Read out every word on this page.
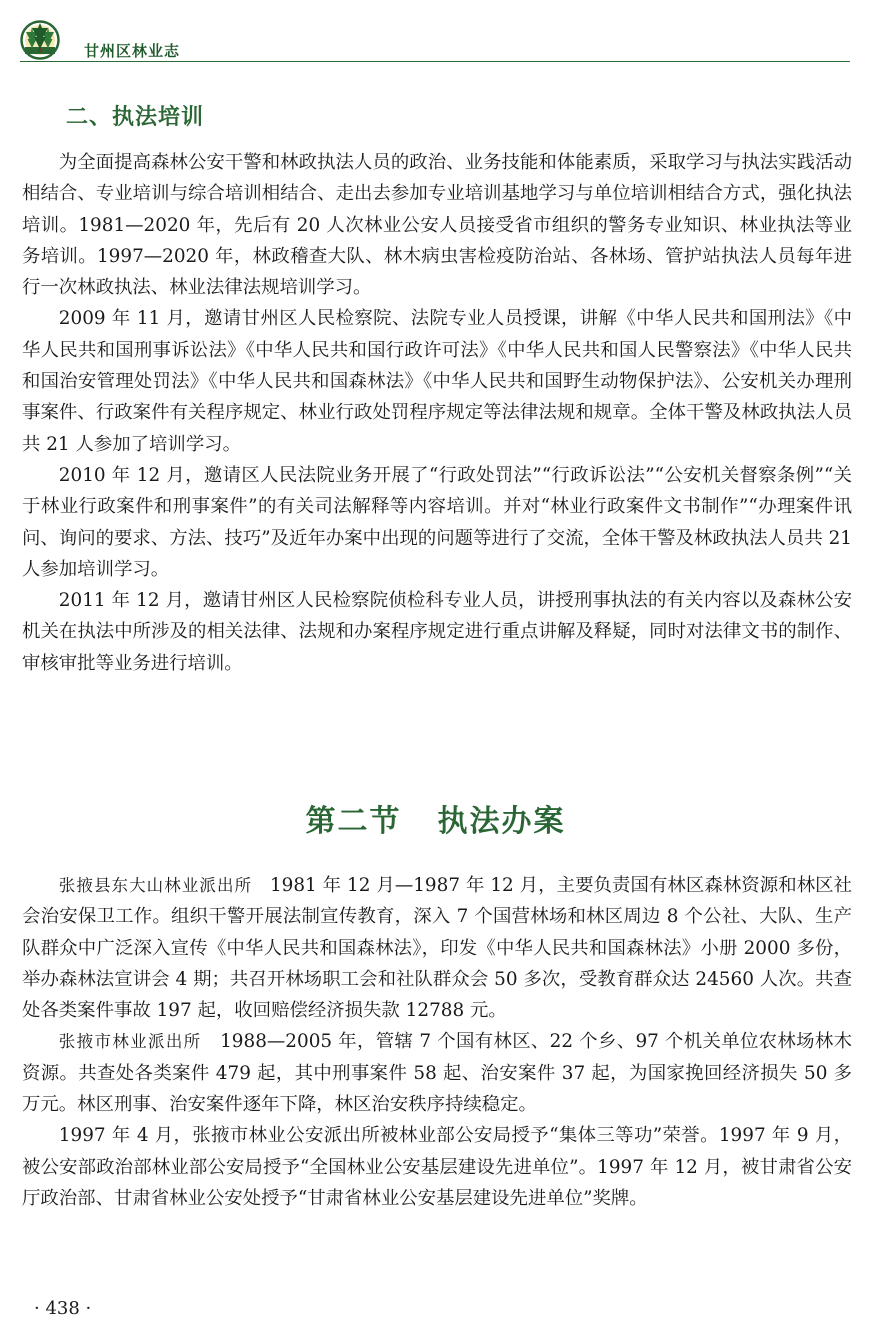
甘州区林业志
二、执法培训

为全面提高森林公安干警和林政执法人员的政治、业务技能和体能素质，采取学习与执法实践活动相结合、专业培训与综合培训相结合、走出去参加专业培训基地学习与单位培训相结合方式，强化执法培训。1981—2020 年，先后有 20 人次林业公安人员接受省市组织的警务专业知识、林业执法等业务培训。1997—2020 年，林政稽查大队、林木病虫害检疫防治站、各林场、管护站执法人员每年进行一次林政执法、林业法律法规培训学习。

2009 年 11 月，邀请甘州区人民检察院、法院专业人员授课，讲解《中华人民共和国刑法》《中华人民共和国刑事诉讼法》《中华人民共和国行政许可法》《中华人民共和国人民警察法》《中华人民共和国治安管理处罚法》《中华人民共和国森林法》《中华人民共和国野生动物保护法》、公安机关办理刑事案件、行政案件有关程序规定、林业行政处罚程序规定等法律法规和规章。全体干警及林政执法人员共 21 人参加了培训学习。

2010 年 12 月，邀请区人民法院业务开展了“行政处罚法”“行政诉讼法”“公安机关督察条例”“关于林业行政案件和刑事案件”的有关司法解释等内容培训。并对“林业行政案件文书制作”“办理案件讯问、询问的要求、方法、技巧”及近年办案中出现的问题等进行了交流，全体干警及林政执法人员共 21 人参加培训学习。

2011 年 12 月，邀请甘州区人民检察院侦检科专业人员，讲授刑事执法的有关内容以及森林公安机关在执法中所涉及的相关法律、法规和办案程序规定进行重点讲解及释疑，同时对法律文书的制作、审核审批等业务进行培训。

第二节 执法办案

张掖县东大山林业派出所 1981 年 12 月—1987 年 12 月，主要负责国有林区森林资源和林区社会治安保卫工作。组织干警开展法制宣传教育，深入 7 个国营林场和林区周边 8 个公社、大队、生产队群众中广泛深入宣传《中华人民共和国森林法》，印发《中华人民共和国森林法》小册 2000 多份，举办森林法宣讲会 4 期；共召开林场职工会和社队群众会 50 多次，受教育群众达 24560 人次。共查处各类案件事故 197 起，收回赔偿经济损失款 12788 元。

张掖市林业派出所 1988—2005 年，管辖 7 个国有林区、22 个乡、97 个机关单位农林场林木资源。共查处各类案件 479 起，其中刑事案件 58 起、治安案件 37 起，为国家挽回经济损失 50 多万元。林区刑事、治安案件逐年下降，林区治安秩序持续稳定。

1997 年 4 月，张掖市林业公安派出所被林业部公安局授予“集体三等功”荣誉。1997 年 9 月，被公安部政治部林业部公安局授予“全国林业公安基层建设先进单位”。1997 年 12 月，被甘肃省公安厅政治部、甘肃省林业公安处授予“甘肃省林业公安基层建设先进单位”奖牌。

· 438 ·
